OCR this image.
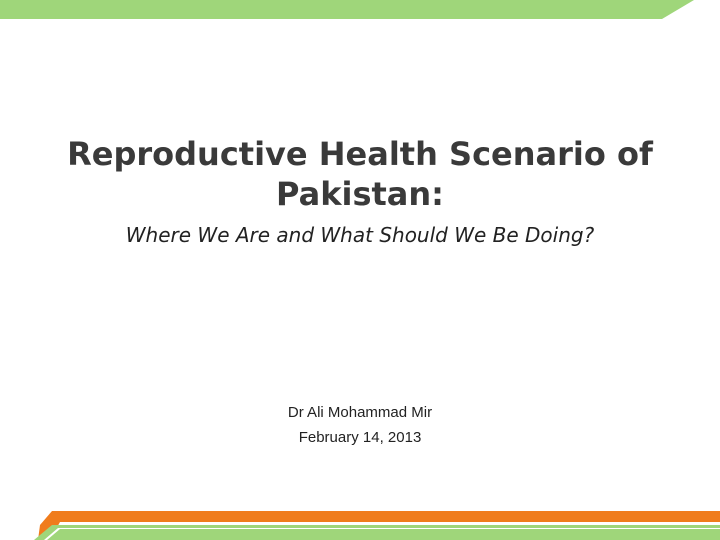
Reproductive Health Scenario of Pakistan:
Where We Are and What Should We Be Doing?
Dr Ali Mohammad Mir
February 14, 2013
